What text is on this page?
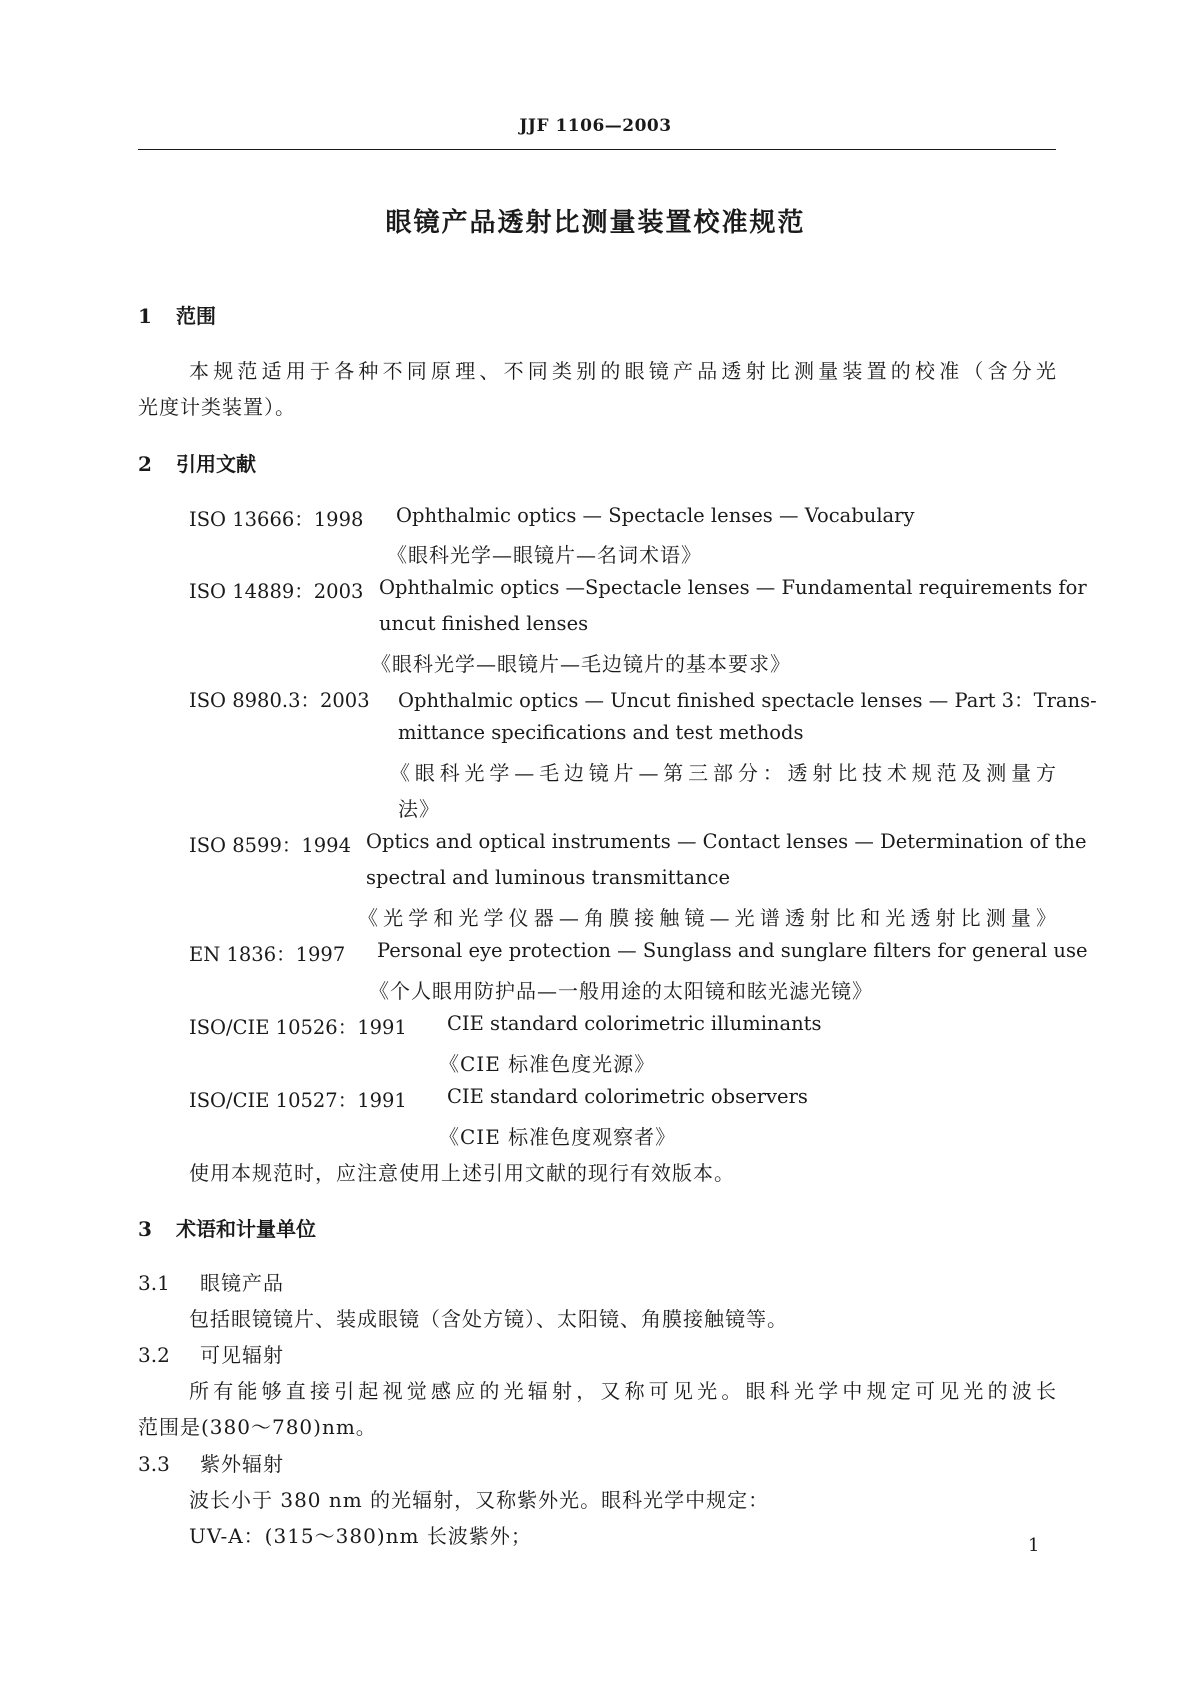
JJF 1106—2003
眼镜产品透射比测量装置校准规范
1 范围
本规范适用于各种不同原理、不同类别的眼镜产品透射比测量装置的校准（含分光
光度计类装置）。
2 引用文献
ISO 13666：1998 Ophthalmic optics — Spectacle lenses — Vocabulary
《眼科光学—眼镜片—名词术语》
ISO 14889：2003 Ophthalmic optics —Spectacle lenses — Fundamental requirements for
uncut finished lenses
《眼科光学—眼镜片—毛边镜片的基本要求》
ISO 8980.3：2003 Ophthalmic optics — Uncut finished spectacle lenses — Part 3：Trans-
mittance specifications and test methods
《眼科光学—毛边镜片—第三部分：透射比技术规范及测量方
法》
ISO 8599：1994 Optics and optical instruments — Contact lenses — Determination of the
spectral and luminous transmittance
《光学和光学仪器—角膜接触镜—光谱透射比和光透射比测量》
EN 1836：1997 Personal eye protection — Sunglass and sunglare filters for general use
《个人眼用防护品—一般用途的太阳镜和眩光滤光镜》
ISO/CIE 10526：1991 CIE standard colorimetric illuminants
《CIE 标准色度光源》
ISO/CIE 10527：1991 CIE standard colorimetric observers
《CIE 标准色度观察者》
使用本规范时，应注意使用上述引用文献的现行有效版本。
3 术语和计量单位
3.1 眼镜产品
包括眼镜镜片、装成眼镜（含处方镜）、太阳镜、角膜接触镜等。
3.2 可见辐射
所有能够直接引起视觉感应的光辐射，又称可见光。眼科光学中规定可见光的波长
范围是(380～780)nm。
3.3 紫外辐射
波长小于 380 nm 的光辐射，又称紫外光。眼科光学中规定：
UV-A：(315～380)nm 长波紫外；	1
